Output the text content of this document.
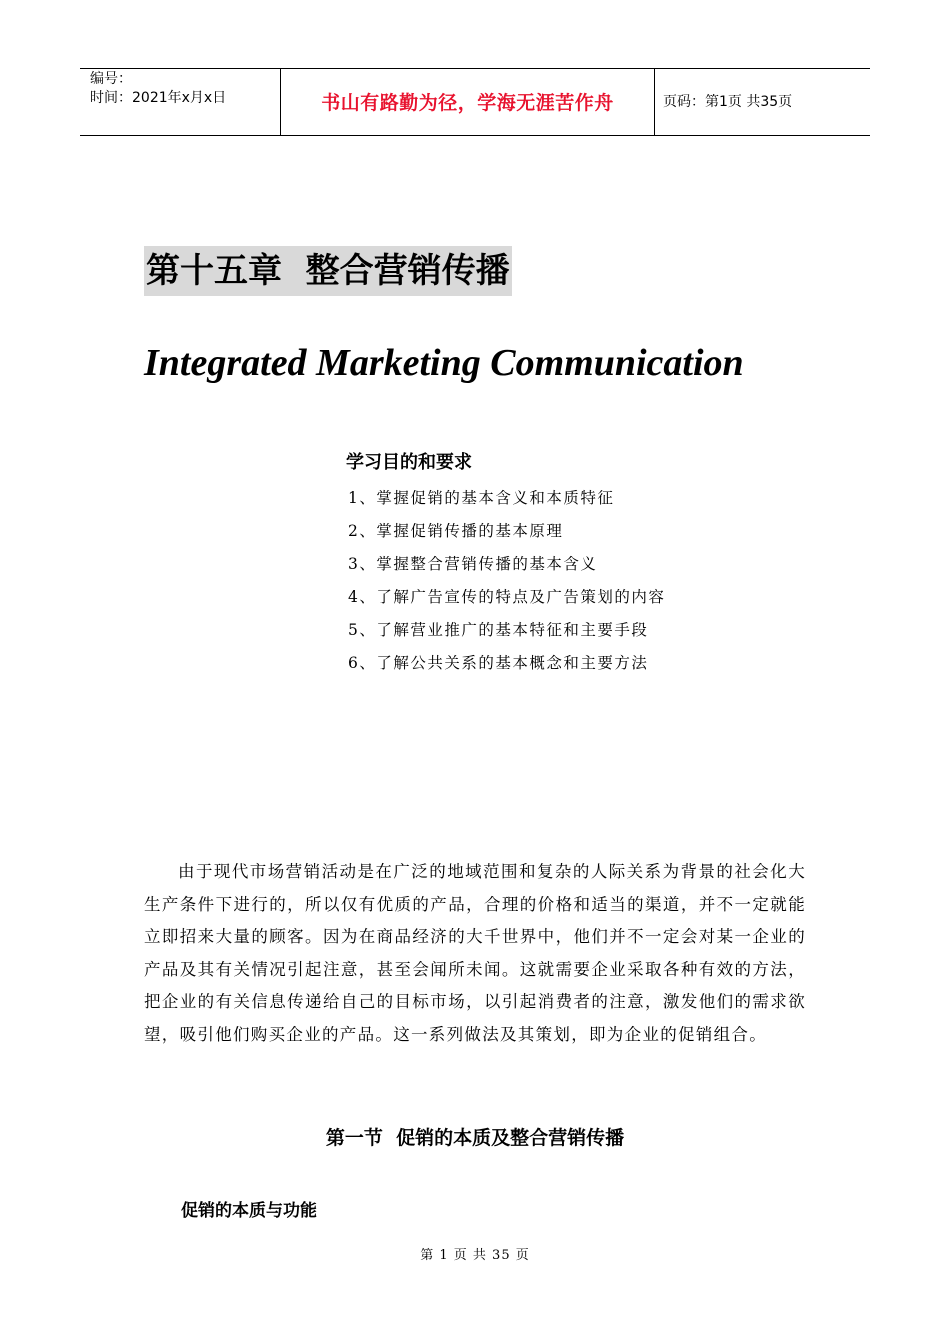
编号：
时间：2021年x月x日	书山有路勤为径，学海无涯苦作舟	页码：第1页 共35页
第十五章  整合营销传播
Integrated Marketing Communication
学习目的和要求
1、掌握促销的基本含义和本质特征
2、掌握促销传播的基本原理
3、掌握整合营销传播的基本含义
4、了解广告宣传的特点及广告策划的内容
5、了解营业推广的基本特征和主要手段
6、了解公共关系的基本概念和主要方法

由于现代市场营销活动是在广泛的地域范围和复杂的人际关系为背景的社会化大生产条件下进行的，所以仅有优质的产品，合理的价格和适当的渠道，并不一定就能立即招来大量的顾客。因为在商品经济的大千世界中，他们并不一定会对某一企业的产品及其有关情况引起注意，甚至会闻所未闻。这就需要企业采取各种有效的方法，把企业的有关信息传递给自己的目标市场，以引起消费者的注意，激发他们的需求欲望，吸引他们购买企业的产品。这一系列做法及其策划，即为企业的促销组合。

第一节  促销的本质及整合营销传播
促销的本质与功能
第 1 页 共 35 页
